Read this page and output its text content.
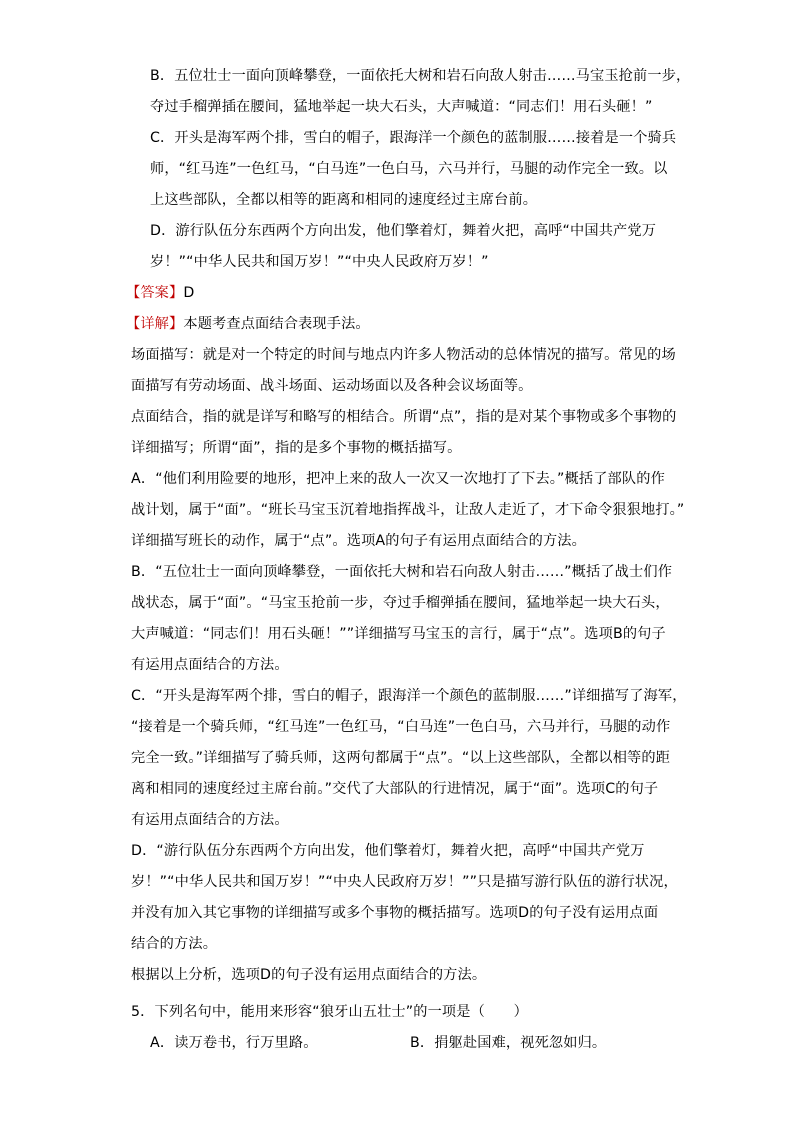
B．五位壮士一面向顶峰攀登，一面依托大树和岩石向敌人射击……马宝玉抢前一步，
夺过手榴弹插在腰间，猛地举起一块大石头，大声喊道：“同志们！用石头砸！”
C．开头是海军两个排，雪白的帽子，跟海洋一个颜色的蓝制服……接着是一个骑兵
师，“红马连”一色红马，“白马连”一色白马，六马并行，马腿的动作完全一致。以
上这些部队，全都以相等的距离和相同的速度经过主席台前。
D．游行队伍分东西两个方向出发，他们擎着灯，舞着火把，高呼“中国共产党万
岁！”“中华人民共和国万岁！”“中央人民政府万岁！”
【答案】D
【详解】本题考查点面结合表现手法。
场面描写：就是对一个特定的时间与地点内许多人物活动的总体情况的描写。常见的场
面描写有劳动场面、战斗场面、运动场面以及各种会议场面等。
点面结合，指的就是详写和略写的相结合。所谓“点”，指的是对某个事物或多个事物的
详细描写；所谓“面”，指的是多个事物的概括描写。
A．“他们利用险要的地形，把冲上来的敌人一次又一次地打了下去。”概括了部队的作
战计划，属于“面”。“班长马宝玉沉着地指挥战斗，让敌人走近了，才下命令狠狠地打。”
详细描写班长的动作，属于“点”。选项A的句子有运用点面结合的方法。
B．“五位壮士一面向顶峰攀登，一面依托大树和岩石向敌人射击……”概括了战士们作
战状态，属于“面”。“马宝玉抢前一步，夺过手榴弹插在腰间，猛地举起一块大石头，
大声喊道：“同志们！用石头砸！””详细描写马宝玉的言行，属于“点”。选项B的句子
有运用点面结合的方法。
C．“开头是海军两个排，雪白的帽子，跟海洋一个颜色的蓝制服……”详细描写了海军，
“接着是一个骑兵师，“红马连”一色红马，“白马连”一色白马，六马并行，马腿的动作
完全一致。”详细描写了骑兵师，这两句都属于“点”。“以上这些部队，全都以相等的距
离和相同的速度经过主席台前。”交代了大部队的行进情况，属于“面”。选项C的句子
有运用点面结合的方法。
D．“游行队伍分东西两个方向出发，他们擎着灯，舞着火把，高呼“中国共产党万
岁！”“中华人民共和国万岁！”“中央人民政府万岁！””只是描写游行队伍的游行状况，
并没有加入其它事物的详细描写或多个事物的概括描写。选项D的句子没有运用点面
结合的方法。
根据以上分析，选项D的句子没有运用点面结合的方法。
5．下列名句中，能用来形容“狼牙山五壮士”的一项是（　　）
A．读万卷书，行万里路。	B．捐躯赴国难，视死忽如归。
